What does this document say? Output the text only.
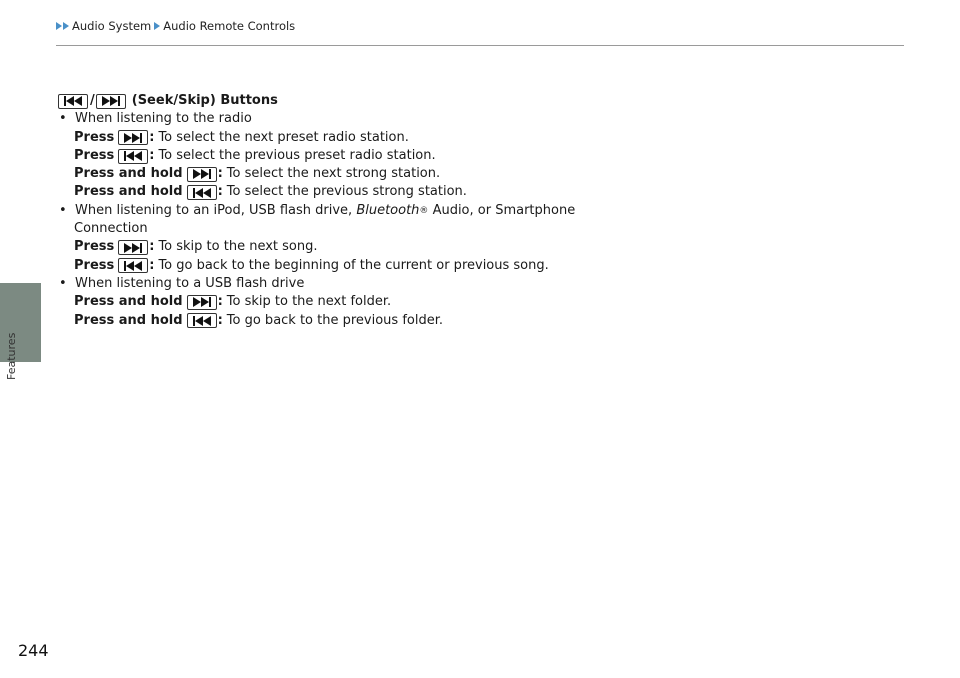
Audio System Audio Remote Controls
Features
/	(Seek/Skip) Buttons
• When listening to the radio
Press	: To select the next preset radio station.
Press	: To select the previous preset radio station.
Press and hold	: To select the next strong station.
Press and hold	: To select the previous strong station.
• When listening to an iPod, USB flash drive,
Bluetooth ®
Audio, or Smartphone
Connection
Press	: To skip to the next song.
Press	: To go back to the beginning of the current or previous song.
• When listening to a USB flash drive
Press and hold	: To skip to the next folder.
Press and hold	: To go back to the previous folder.
244
